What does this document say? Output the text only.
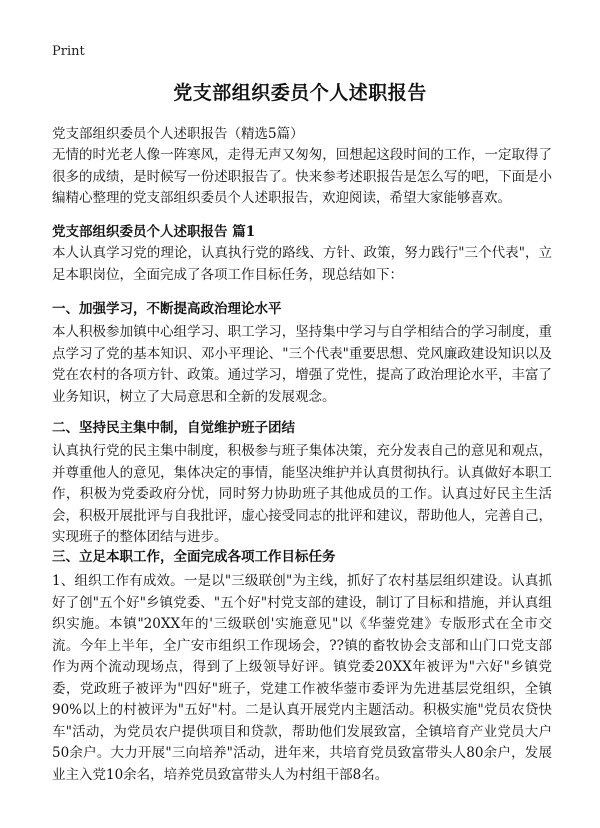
Print
党支部组织委员个人述职报告
党支部组织委员个人述职报告（精选5篇）

无情的时光老人像一阵寒风，走得无声又匆匆，回想起这段时间的工作，一定取得了很多的成绩，是时候写一份述职报告了。快来参考述职报告是怎么写的吧，下面是小编精心整理的党支部组织委员个人述职报告，欢迎阅读，希望大家能够喜欢。

党支部组织委员个人述职报告 篇1

本人认真学习党的理论，认真执行党的路线、方针、政策，努力践行"三个代表"，立足本职岗位，全面完成了各项工作目标任务，现总结如下：

一、加强学习，不断提高政治理论水平

本人积极参加镇中心组学习、职工学习，坚持集中学习与自学相结合的学习制度，重点学习了党的基本知识、邓小平理论、"三个代表"重要思想、党风廉政建设知识以及党在农村的各项方针、政策。通过学习，增强了党性，提高了政治理论水平，丰富了业务知识，树立了大局意思和全新的发展观念。

二、坚持民主集中制，自觉维护班子团结

认真执行党的民主集中制度，积极参与班子集体决策，充分发表自己的意见和观点，并尊重他人的意见，集体决定的事情，能坚决维护并认真贯彻执行。认真做好本职工作，积极为党委政府分忧，同时努力协助班子其他成员的工作。认真过好民主生活会，积极开展批评与自我批评，虚心接受同志的批评和建议，帮助他人，完善自己，实现班子的整体团结与进步。

三、立足本职工作，全面完成各项工作目标任务

1、组织工作有成效。一是以"三级联创"为主线，抓好了农村基层组织建设。认真抓好了创"五个好"乡镇党委、"五个好"村党支部的建设，制订了目标和措施，并认真组织实施。本镇"20XX年的'三级联创'实施意见"以《华蓥党建》专版形式在全市交流。今年上半年，全广安市组织工作现场会，??镇的畜牧协会支部和山门口党支部作为两个流动现场点，得到了上级领导好评。镇党委20XX年被评为"六好"乡镇党委，党政班子被评为"四好"班子，党建工作被华蓥市委评为先进基层党组织，全镇90%以上的村被评为"五好"村。二是认真开展党内主题活动。积极实施"党员农贷快车"活动，为党员农户提供项目和贷款，帮助他们发展致富，全镇培育产业党员大户50余户。大力开展"三向培养"活动，进年来，共培育党员致富带头人80余户，发展业主入党10余名，培养党员致富带头人为村组干部8名。
